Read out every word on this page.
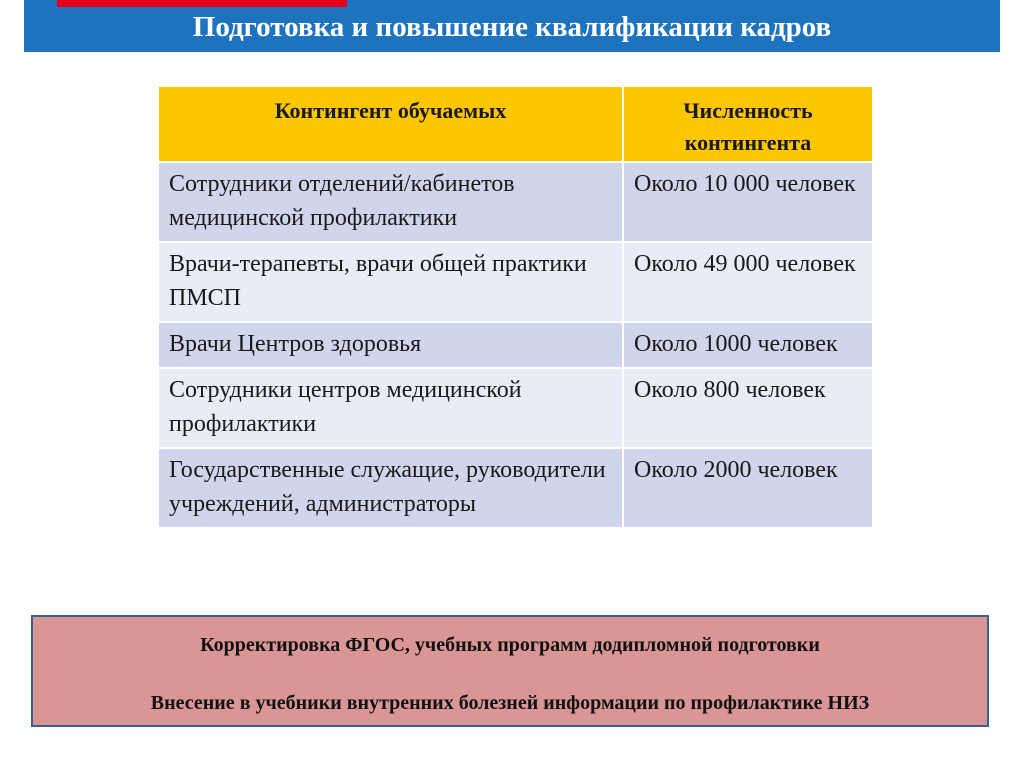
Подготовка и повышение квалификации кадров
Контингент обучаемых	Численность контингента
Сотрудники отделений/кабинетов медицинской профилактики	Около 10 000 человек
Врачи-терапевты, врачи общей практики ПМСП	Около 49 000 человек
Врачи Центров здоровья	Около 1000 человек
Сотрудники центров медицинской профилактики	Около 800 человек
Государственные служащие, руководители учреждений, администраторы	Около 2000 человек
Корректировка ФГОС, учебных программ додипломной подготовки
Внесение в учебники внутренних болезней информации по профилактике НИЗ
